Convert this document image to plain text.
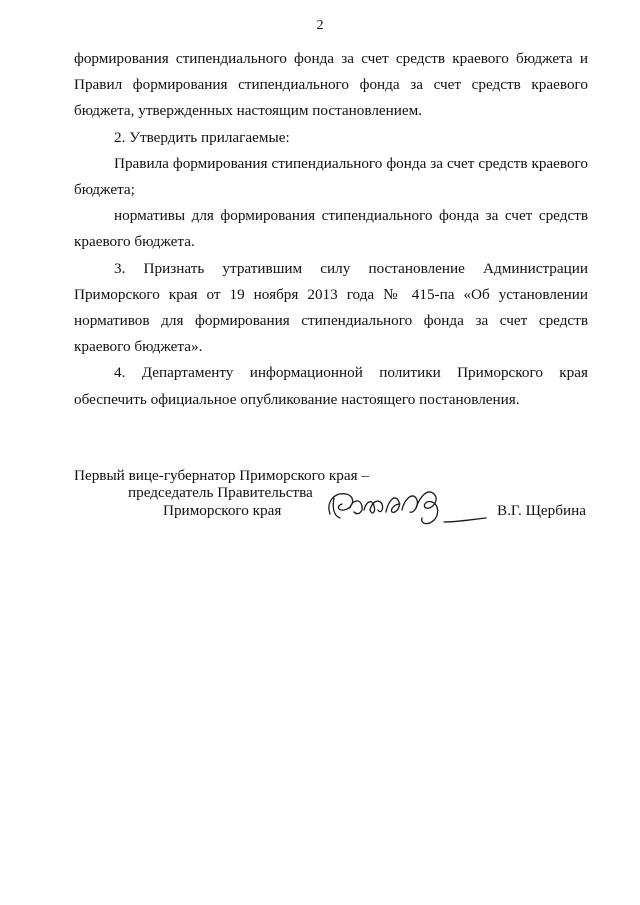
2

формирования стипендиального фонда за счет средств краевого бюджета и Правил формирования стипендиального фонда за счет средств краевого бюджета, утвержденных настоящим постановлением.

2. Утвердить прилагаемые:

Правила формирования стипендиального фонда за счет средств краевого бюджета;

нормативы для формирования стипендиального фонда за счет средств краевого бюджета.

3. Признать утратившим силу постановление Администрации Приморского края от 19 ноября 2013 года № 415-па «Об установлении нормативов для формирования стипендиального фонда за счет средств краевого бюджета».

4. Департаменту информационной политики Приморского края обеспечить официальное опубликование настоящего постановления.

Первый вице-губернатор Приморского края –
председатель Правительства
Приморского края	В.Г. Щербина
